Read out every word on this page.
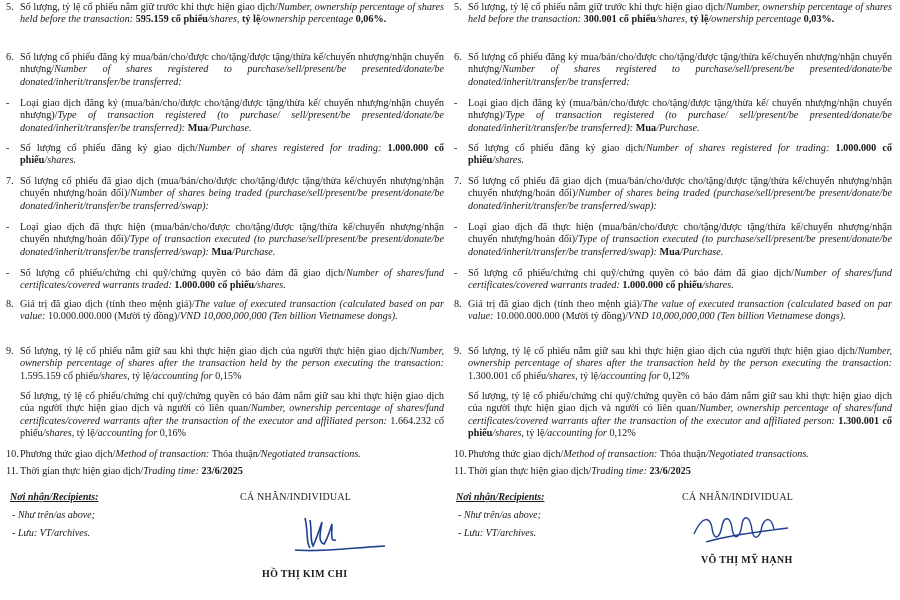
5. Số lượng, tỷ lệ cổ phiếu nắm giữ trước khi thực hiện giao dịch/Number, ownership percentage of shares held before the transaction: 595.159 cổ phiếu/shares, tỷ lệ/ownership percentage 0,06%.
6. Số lượng cổ phiếu đăng ký mua/bán/cho/được cho/tặng/được tặng/thừa kế/chuyển nhượng/nhận chuyển nhượng/Number of shares registered to purchase/sell/present/be presented/donate/be donated/inherit/transfer/be transferred:
-	Loại giao dịch đăng ký (mua/bán/cho/được cho/tặng/được tặng/thừa kế/ chuyển nhượng/nhận chuyển nhượng)/Type of transaction registered (to purchase/ sell/present/be presented/donate/be donated/inherit/transfer/be transferred): Mua/Purchase.
-	Số lượng cổ phiếu đăng ký giao dịch/Number of shares registered for trading: 1.000.000 cổ phiếu/shares.
7. Số lượng cổ phiếu đã giao dịch (mua/bán/cho/được cho/tặng/được tặng/thừa kế/chuyển nhượng/nhận chuyển nhượng/hoán đổi)/Number of shares being traded (purchase/sell/present/be present/donate/be donated/inherit/transfer/be transferred/swap):
-	Loại giao dịch đã thực hiện (mua/bán/cho/được cho/tặng/được tặng/thừa kế/chuyển nhượng/nhận chuyển nhượng/hoán đổi)/Type of transaction executed (to purchase/sell/present/be present/donate/be donated/inherit/transfer/be transferred/swap): Mua/Purchase.
-	Số lượng cổ phiếu/chứng chỉ quỹ/chứng quyền có bảo đảm đã giao dịch/Number of shares/fund certificates/covered warrants traded: 1.000.000 cổ phiếu/shares.
8. Giá trị đã giao dịch (tính theo mệnh giá)/The value of executed transaction (calculated based on par value: 10.000.000.000 (Mười tỷ đồng)/VND 10,000,000,000 (Ten billion Vietnamese dongs).
9. Số lượng, tỷ lệ cổ phiếu nắm giữ sau khi thực hiện giao dịch của người thực hiện giao dịch/Number, ownership percentage of shares after the transaction held by the person executing the transaction: 1.595.159 cổ phiếu/shares, tỷ lệ/accounting for 0,15%
Số lượng, tỷ lệ cổ phiếu/chứng chỉ quỹ/chứng quyền có bảo đảm nắm giữ sau khi thực hiện giao dịch của người thực hiện giao dịch và người có liên quan/Number, ownership percentage of shares/fund certificates/covered warrants after the transaction of the executor and affiliated person: 1.664.232 cổ phiếu/shares, tỷ lệ/accounting for 0,16%
10. Phương thức giao dịch/Method of transaction: Thỏa thuận/Negotiated transactions.
11. Thời gian thực hiện giao dịch/Trading time: 23/6/2025
Nơi nhận/Recipients:
- Như trên/as above;
- Lưu: VT/archives.
CÁ NHÂN/INDIVIDUAL
HỒ THỊ KIM CHI
5. Số lượng, tỷ lệ cổ phiếu nắm giữ trước khi thực hiện giao dịch/Number, ownership percentage of shares held before the transaction: 300.001 cổ phiếu/shares, tỷ lệ/ownership percentage 0,03%.
6. Số lượng cổ phiếu đăng ký mua/bán/cho/được cho/tặng/được tặng/thừa kế/chuyển nhượng/nhận chuyển nhượng/Number of shares registered to purchase/sell/present/be presented/donate/be donated/inherit/transfer/be transferred:
-	Loại giao dịch đăng ký (mua/bán/cho/được cho/tặng/được tặng/thừa kế/ chuyển nhượng/nhận chuyển nhượng)/Type of transaction registered (to purchase/ sell/present/be presented/donate/be donated/inherit/transfer/be transferred): Mua/Purchase.
-	Số lượng cổ phiếu đăng ký giao dịch/Number of shares registered for trading: 1.000.000 cổ phiếu/shares.
7. Số lượng cổ phiếu đã giao dịch (mua/bán/cho/được cho/tặng/được tặng/thừa kế/chuyển nhượng/nhận chuyển nhượng/hoán đổi)/Number of shares being traded (purchase/sell/present/be present/donate/be donated/inherit/transfer/be transferred/swap):
-	Loại giao dịch đã thực hiện (mua/bán/cho/được cho/tặng/được tặng/thừa kế/chuyển nhượng/nhận chuyển nhượng/hoán đổi)/Type of transaction executed (to purchase/sell/present/be present/donate/be donated/inherit/transfer/be transferred/swap): Mua/Purchase.
-	Số lượng cổ phiếu/chứng chỉ quỹ/chứng quyền có bảo đảm đã giao dịch/Number of shares/fund certificates/covered warrants traded: 1.000.000 cổ phiếu/shares.
8. Giá trị đã giao dịch (tính theo mệnh giá)/The value of executed transaction (calculated based on par value: 10.000.000.000 (Mười tỷ đồng)/VND 10,000,000,000 (Ten billion Vietnamese dongs).
9. Số lượng, tỷ lệ cổ phiếu nắm giữ sau khi thực hiện giao dịch của người thực hiện giao dịch/Number, ownership percentage of shares after the transaction held by the person executing the transaction: 1.300.001 cổ phiếu/shares, tỷ lệ/accounting for 0,12%
Số lượng, tỷ lệ cổ phiếu/chứng chỉ quỹ/chứng quyền có bảo đảm nắm giữ sau khi thực hiện giao dịch của người thực hiện giao dịch và người có liên quan/Number, ownership percentage of shares/fund certificates/covered warrants after the transaction of the executor and affiliated person: 1.300.001 cổ phiếu/shares, tỷ lệ/accounting for 0,12%
10. Phương thức giao dịch/Method of transaction: Thỏa thuận/Negotiated transactions.
11. Thời gian thực hiện giao dịch/Trading time: 23/6/2025
Nơi nhận/Recipients:
- Như trên/as above;
- Lưu: VT/archives.
CÁ NHÂN/INDIVIDUAL
VÕ THỊ MỸ HẠNH
